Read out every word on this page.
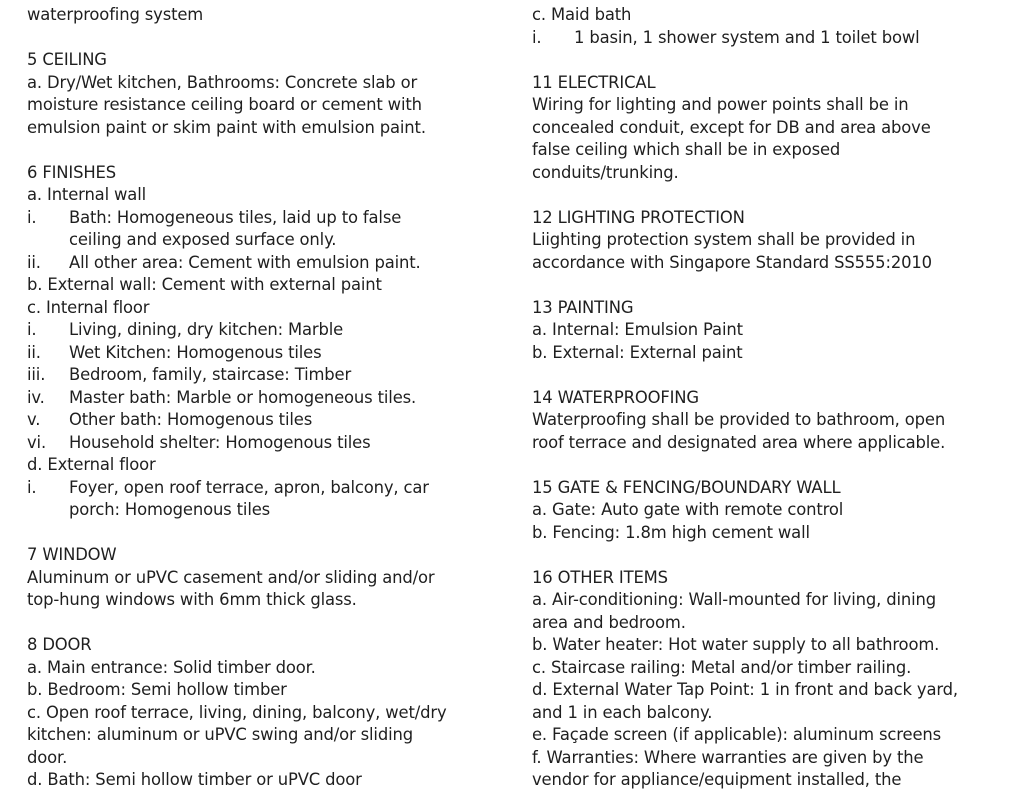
waterproofing system
5 CEILING
a. Dry/Wet kitchen, Bathrooms: Concrete slab or
moisture resistance ceiling board or cement with
emulsion paint or skim paint with emulsion paint.
6 FINISHES
a. Internal wall
i.	Bath: Homogeneous tiles, laid up to false
ceiling and exposed surface only.
ii.	All other area: Cement with emulsion paint.
b. External wall: Cement with external paint
c. Internal floor
i.	Living, dining, dry kitchen: Marble
ii.	Wet Kitchen: Homogenous tiles
iii.	Bedroom, family, staircase: Timber
iv.	Master bath: Marble or homogeneous tiles.
v.	Other bath: Homogenous tiles
vi.	Household shelter: Homogenous tiles
d. External floor
i.	Foyer, open roof terrace, apron, balcony, car
porch: Homogenous tiles
7 WINDOW
Aluminum or uPVC casement and/or sliding and/or
top-hung windows with 6mm thick glass.
8 DOOR
a. Main entrance: Solid timber door.
b. Bedroom: Semi hollow timber
c. Open roof terrace, living, dining, balcony, wet/dry
kitchen: aluminum or uPVC swing and/or sliding
door.
d. Bath: Semi hollow timber or uPVC door
c. Maid bath
i.	1 basin, 1 shower system and 1 toilet bowl
11 ELECTRICAL
Wiring for lighting and power points shall be in
concealed conduit, except for DB and area above
false ceiling which shall be in exposed
conduits/trunking.
12 LIGHTING PROTECTION
Liighting protection system shall be provided in
accordance with Singapore Standard SS555:2010
13 PAINTING
a. Internal: Emulsion Paint
b. External: External paint
14 WATERPROOFING
Waterproofing shall be provided to bathroom, open
roof terrace and designated area where applicable.
15 GATE & FENCING/BOUNDARY WALL
a. Gate: Auto gate with remote control
b. Fencing: 1.8m high cement wall
16 OTHER ITEMS
a. Air-conditioning: Wall-mounted for living, dining
area and bedroom.
b. Water heater: Hot water supply to all bathroom.
c. Staircase railing: Metal and/or timber railing.
d. External Water Tap Point: 1 in front and back yard,
and 1 in each balcony.
e. Façade screen (if applicable): aluminum screens
f. Warranties: Where warranties are given by the
vendor for appliance/equipment installed, the
